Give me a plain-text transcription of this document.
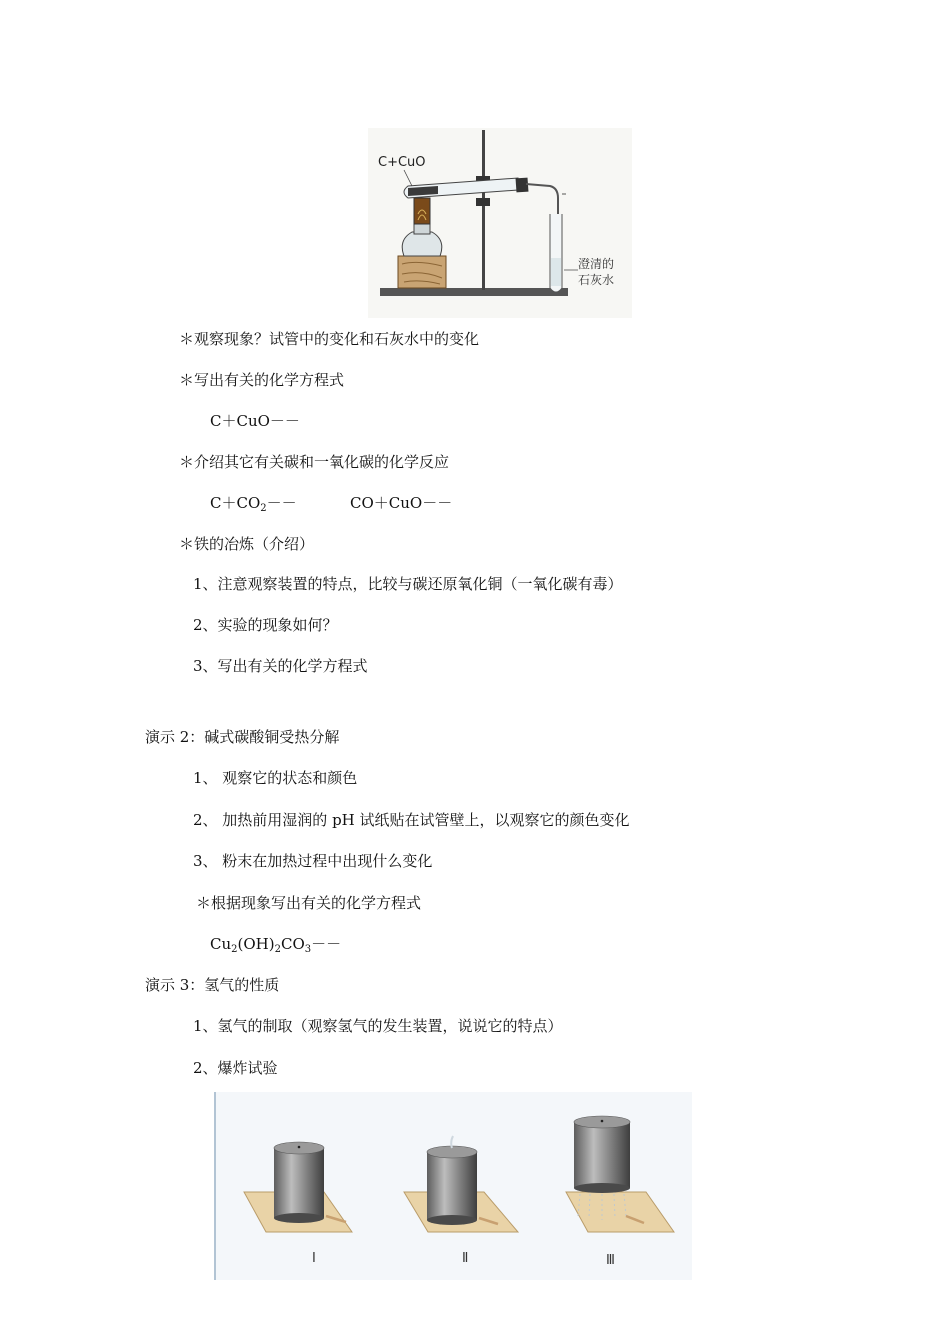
C+CuO
澄清的
石灰水
＊观察现象？试管中的变化和石灰水中的变化
＊写出有关的化学方程式
C＋CuO－－
＊介绍其它有关碳和一氧化碳的化学反应
$C+CO_2--$	CO＋CuO－－
＊铁的冶炼（介绍）
1、注意观察装置的特点，比较与碳还原氧化铜（一氧化碳有毒）
2、实验的现象如何？
3、写出有关的化学方程式
演示 2：碱式碳酸铜受热分解
1、 观察它的状态和颜色
2、 加热前用湿润的 pH 试纸贴在试管壁上，以观察它的颜色变化
3、 粉末在加热过程中出现什么变化
＊根据现象写出有关的化学方程式
$Cu_2(OH)_2CO_3--$
演示 3：氢气的性质
1、氢气的制取（观察氢气的发生装置，说说它的特点）
2、爆炸试验
Ⅰ	Ⅱ	Ⅲ
